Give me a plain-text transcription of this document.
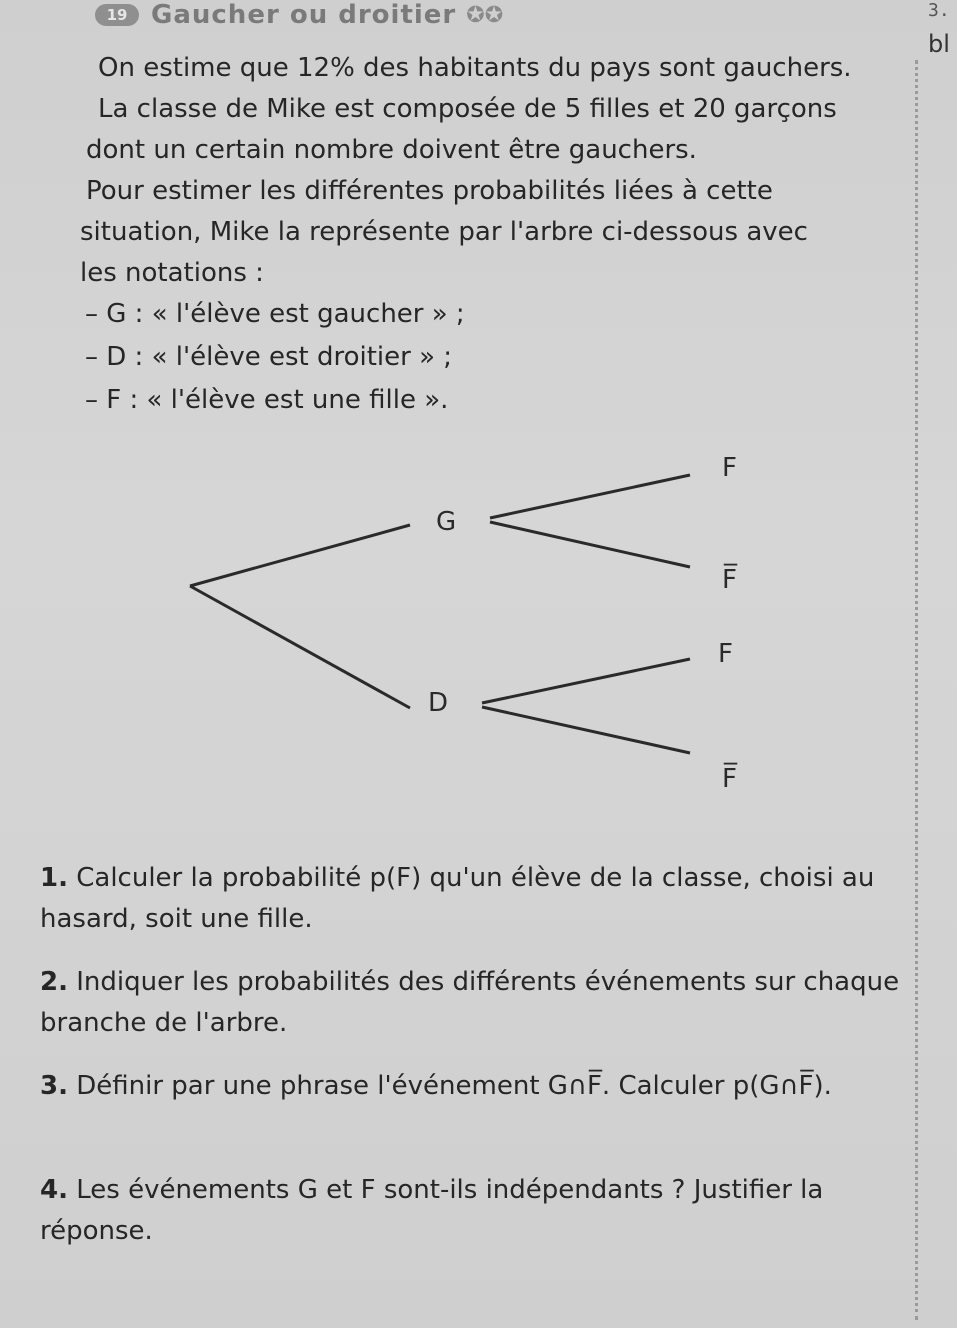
19 Gaucher ou droitier ✪✪	3.
bl
On estime que 12% des habitants du pays sont gauchers.
La classe de Mike est composée de 5 filles et 20 garçons
dont un certain nombre doivent être gauchers.
Pour estimer les différentes probabilités liées à cette
situation, Mike la représente par l'arbre ci-dessous avec
les notations :
– G : « l'élève est gaucher » ;
– D : « l'élève est droitier » ;
– F : « l'élève est une fille ».
G
D
F
F̅
F
F̅
1. Calculer la probabilité p(F) qu'un élève de la classe, choisi au hasard, soit une fille.
2. Indiquer les probabilités des différents événements sur chaque branche de l'arbre.
3. Définir par une phrase l'événement G∩F̅. Calculer p(G∩F̅).
4. Les événements G et F sont-ils indépendants ? Justifier la réponse.
